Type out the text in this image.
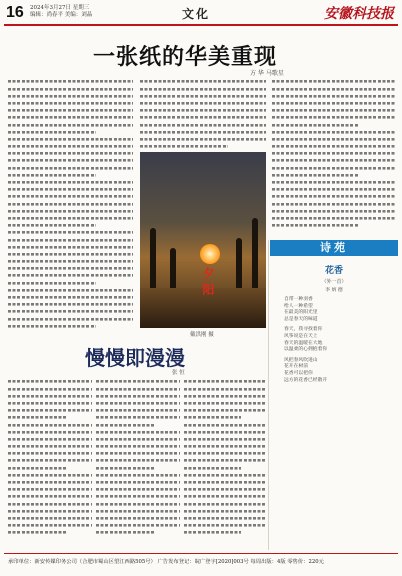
16 2024年3月27日 星期三
编辑：尚春平 美编：刘晶	文化	安徽科技报
一张纸的华美重现
方 华 马歌星
夕阳
戴洪刚 摄
慢慢即漫漫
张 恒
诗苑
花香
（外一首）
李 炳 德
自带一种羽香
给人一种希望
在最美的阳光里
总是春天的味道
春天，我寻找着你
风筝说是在天上
春天的温暖在大地
以温柔的心拥抱着你
风把春风吹进山
花开在树前
花香可以把你
远方的花香已经散开
承印单位：新安传媒印务公司（合肥市蜀山区望江西路505号） 广告发布登记：皖广登字[2020]003号 每周出版：4版 零售价：220元
